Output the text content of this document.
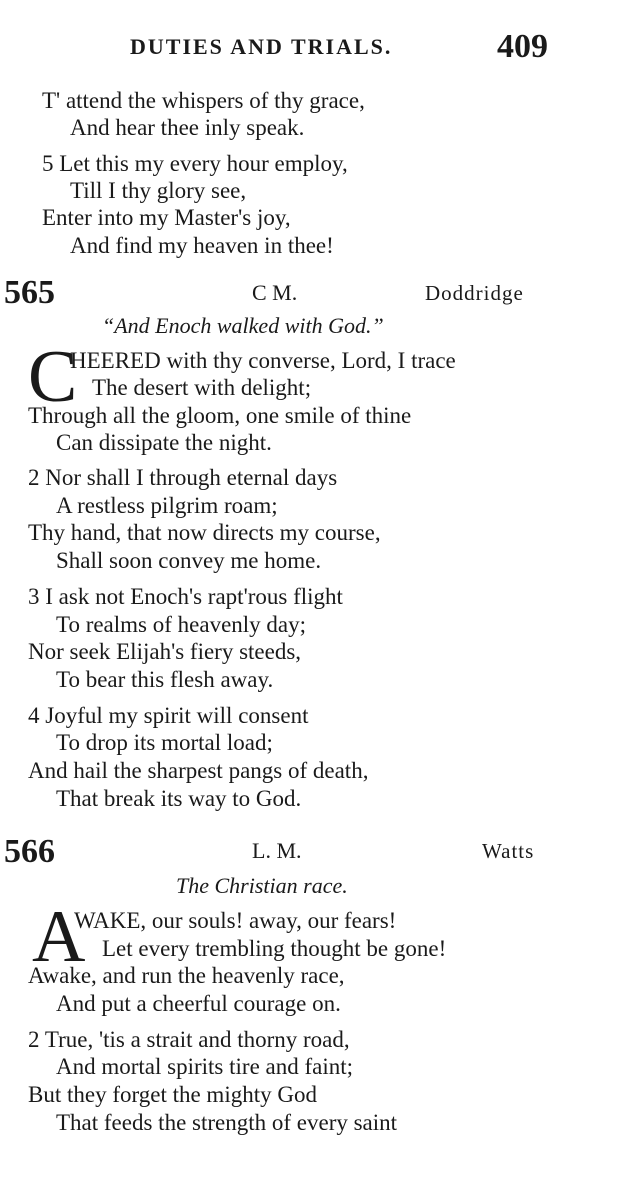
DUTIES AND TRIALS.	409
T' attend the whispers of thy grace,
And hear thee inly speak.
5 Let this my every hour employ,
Till I thy glory see,
Enter into my Master's joy,
And find my heaven in thee!
565	C M.	Doddridge
“And Enoch walked with God.”
C
HEERED with thy converse, Lord, I trace
The desert with delight;
Through all the gloom, one smile of thine
Can dissipate the night.
2 Nor shall I through eternal days
A restless pilgrim roam;
Thy hand, that now directs my course,
Shall soon convey me home.
3 I ask not Enoch's rapt'rous flight
To realms of heavenly day;
Nor seek Elijah's fiery steeds,
To bear this flesh away.
4 Joyful my spirit will consent
To drop its mortal load;
And hail the sharpest pangs of death,
That break its way to God.
566	L. M.	Watts
The Christian race.
A
WAKE, our souls! away, our fears!
Let every trembling thought be gone!
Awake, and run the heavenly race,
And put a cheerful courage on.
2 True, 'tis a strait and thorny road,
And mortal spirits tire and faint;
But they forget the mighty God
That feeds the strength of every saint
